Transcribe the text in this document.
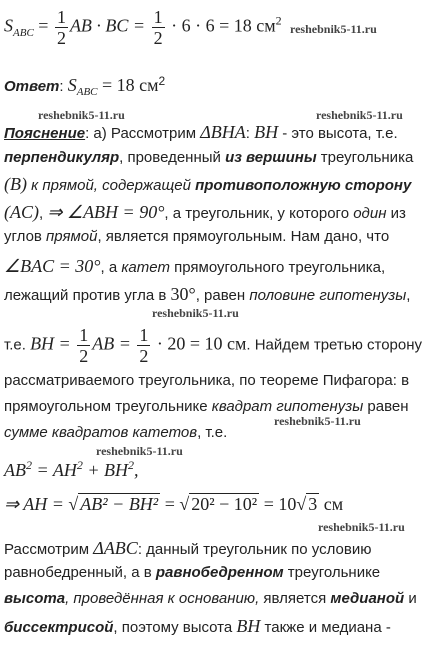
$S_{ABC} = \frac{1}{2}$ AB · BC = $\frac{1}{2} \cdot 6 \cdot 6 = 18$ $см^2$
reshebnik5-11.ru
Ответ: $S_{ABC} = 18$ $см^2$
reshebnik5-11.ru	reshebnik5-11.ru
Пояснение: а) Рассмотрим ΔBHA: BH - это высота, т.е.
перпендикуляр, проведенный из вершины треугольника
(B) к прямой, содержащей противоположную сторону
(AC), ⇒ ∠ABH = 90°, а треугольник, у которого один из
углов прямой, является прямоугольным. Нам дано, что
∠BAC = 30°, а катет прямоугольного треугольника,
лежащий против угла в 30°, равен половине гипотенузы,
reshebnik5-11.ru
т.е. BH = $\frac{1}{2}$ AB = $\frac{1}{2} \cdot 20 = 10$ см. Найдем третью сторону
рассматриваемого треугольника, по теореме Пифагора: в
прямоугольном треугольнике квадрат гипотенузы равен
reshebnik5-11.ru
сумме квадратов катетов, т.е.
reshebnik5-11.ru
$AB^2 = AH^2 + BH^2$,
⇒ AH = √ AB² − BH² = √ 20² − 10² = 10√ 3 см
reshebnik5-11.ru
Рассмотрим ΔABC: данный треугольник по условию
равнобедренный, а в равнобедренном треугольнике
высота, проведённая к основанию, является медианой и
биссектрисой, поэтому высота BH также и медиана -
